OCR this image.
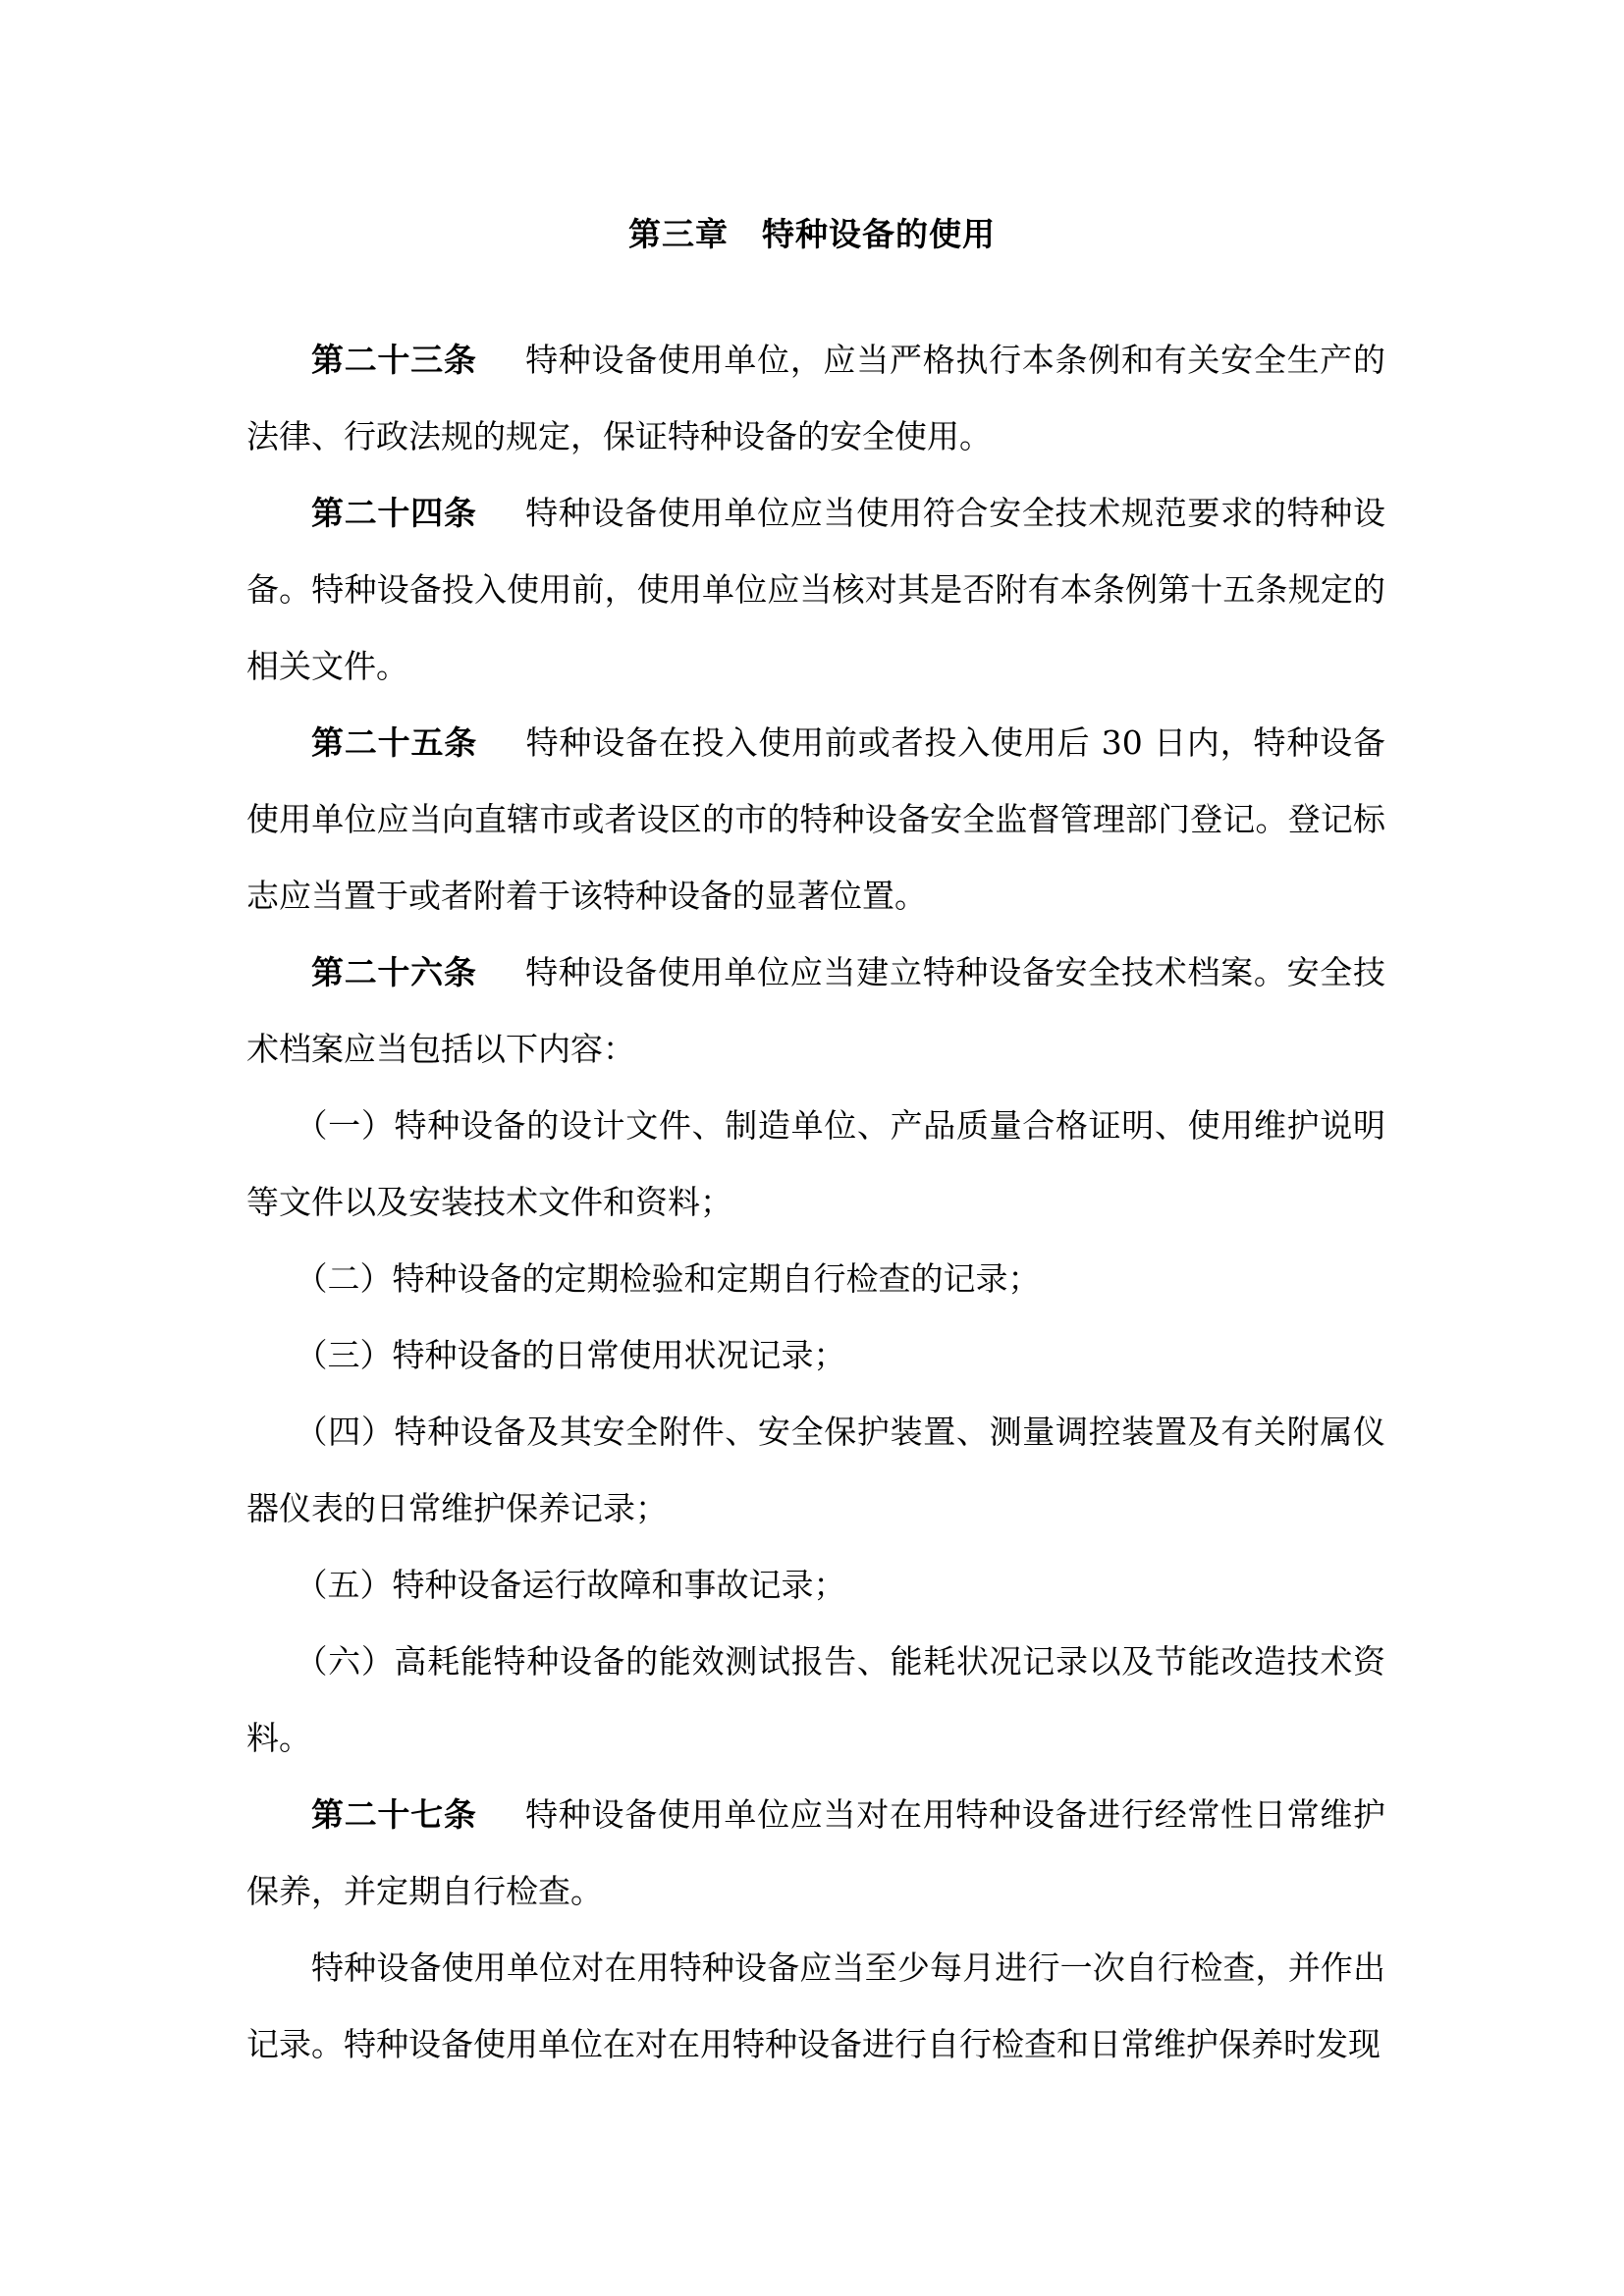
第三章　特种设备的使用

第二十三条 特种设备使用单位，应当严格执行本条例和有关安全生产的法律、行政法规的规定，保证特种设备的安全使用。

第二十四条 特种设备使用单位应当使用符合安全技术规范要求的特种设备。特种设备投入使用前，使用单位应当核对其是否附有本条例第十五条规定的相关文件。

第二十五条 特种设备在投入使用前或者投入使用后 30 日内，特种设备使用单位应当向直辖市或者设区的市的特种设备安全监督管理部门登记。登记标志应当置于或者附着于该特种设备的显著位置。

第二十六条 特种设备使用单位应当建立特种设备安全技术档案。安全技术档案应当包括以下内容：

（一）特种设备的设计文件、制造单位、产品质量合格证明、使用维护说明等文件以及安装技术文件和资料；

（二）特种设备的定期检验和定期自行检查的记录；

（三）特种设备的日常使用状况记录；

（四）特种设备及其安全附件、安全保护装置、测量调控装置及有关附属仪器仪表的日常维护保养记录；

（五）特种设备运行故障和事故记录；

（六）高耗能特种设备的能效测试报告、能耗状况记录以及节能改造技术资料。

第二十七条 特种设备使用单位应当对在用特种设备进行经常性日常维护保养，并定期自行检查。

特种设备使用单位对在用特种设备应当至少每月进行一次自行检查，并作出记录。特种设备使用单位在对在用特种设备进行自行检查和日常维护保养时发现
